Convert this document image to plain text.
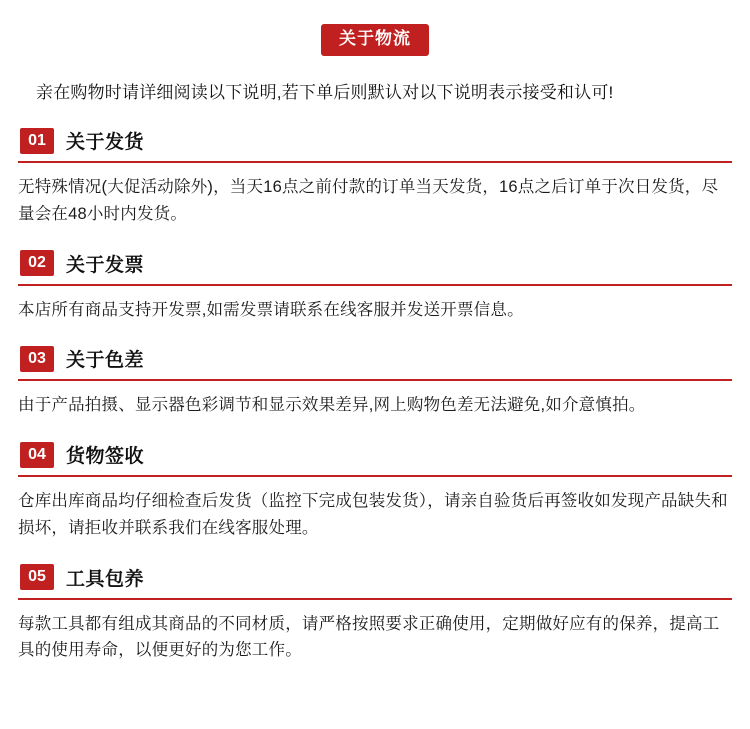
关于物流
亲在购物时请详细阅读以下说明,若下单后则默认对以下说明表示接受和认可!
01	关于发货
无特殊情况(大促活动除外)，当天16点之前付款的订单当天发货，16点之后订单于次日发货，尽量会在48小时内发货。
02	关于发票
本店所有商品支持开发票,如需发票请联系在线客服并发送开票信息。
03	关于色差
由于产品拍摄、显示器色彩调节和显示效果差异,网上购物色差无法避免,如介意慎拍。
04	货物签收
仓库出库商品均仔细检查后发货（监控下完成包装发货），请亲自验货后再签收如发现产品缺失和损坏，请拒收并联系我们在线客服处理。
05	工具包养
每款工具都有组成其商品的不同材质，请严格按照要求正确使用，定期做好应有的保养，提高工具的使用寿命，以便更好的为您工作。
